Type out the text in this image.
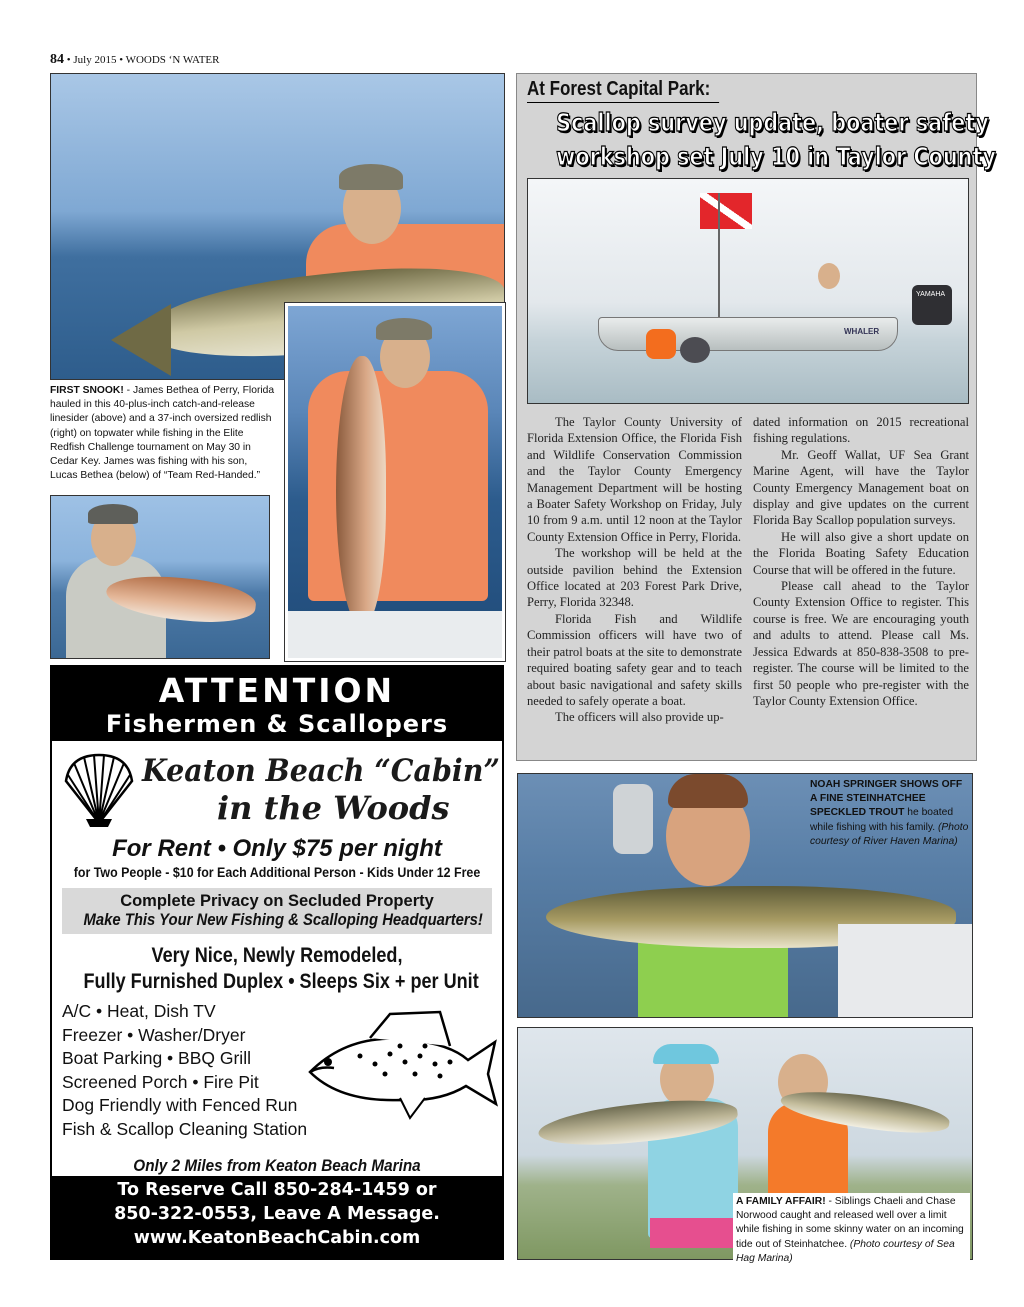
84 • July 2015 • WOODS ‘N WATER
FIRST SNOOK! - James Bethea of Perry, Florida hauled in this 40-plus-inch catch-and-release linesider (above) and a 37-inch oversized redlish (right) on topwater while fishing in the Elite Redfish Challenge tournament on May 30 in Cedar Key. James was fishing with his son, Lucas Bethea (below) of “Team Red-Handed.”
ATTENTION
Fishermen & Scallopers
Keaton Beach “Cabin”
in the Woods
For Rent • Only $75 per night
for Two People - $10 for Each Additional Person - Kids Under 12 Free
Complete Privacy on Secluded Property
Make This Your New Fishing & Scalloping Headquarters!
Very Nice, Newly Remodeled,
Fully Furnished Duplex • Sleeps Six + per Unit
A/C • Heat, Dish TV
Freezer • Washer/Dryer
Boat Parking • BBQ Grill
Screened Porch • Fire Pit
Dog Friendly with Fenced Run
Fish & Scallop Cleaning Station
Only 2 Miles from Keaton Beach Marina
To Reserve Call 850-284-1459 or
850-322-0553, Leave A Message.
www.KeatonBeachCabin.com
At Forest Capital Park:
Scallop survey update, boater safety
workshop set July 10 in Taylor County
WHALER
YAMAHA

The Taylor County University of Florida Extension Office, the Florida Fish and Wildlife Conservation Commission and the Taylor County Emergency Management Department will be hosting a Boater Safety Workshop on Friday, July 10 from 9 a.m. until 12 noon at the Taylor County Extension Office in Perry, Florida.

The workshop will be held at the outside pavilion behind the Extension Office located at 203 Forest Park Drive, Perry, Florida 32348.

Florida Fish and Wildlife Commission officers will have two of their patrol boats at the site to demonstrate required boating safety gear and to teach about basic navigational and safety skills needed to safely operate a boat.

The officers will also provide up-

dated information on 2015 recreational fishing regulations.

Mr. Geoff Wallat, UF Sea Grant Marine Agent, will have the Taylor County Emergency Management boat on display and give updates on the current Florida Bay Scallop population surveys.

He will also give a short update on the Florida Boating Safety Education Course that will be offered in the future.

Please call ahead to the Taylor County Extension Office to register. This course is free. We are encouraging youth and adults to attend. Please call Ms. Jessica Edwards at 850-838-3508 to pre-register. The course will be limited to the first 50 people who pre-register with the Taylor County Extension Office.

NOAH SPRINGER SHOWS OFF A FINE STEINHATCHEE SPECKLED TROUT he boated while fishing with his family. (Photo courtesy of River Haven Marina)
A FAMILY AFFAIR! - Siblings Chaeli and Chase Norwood caught and released well over a limit while fishing in some skinny water on an incoming tide out of Steinhatchee. (Photo courtesy of Sea Hag Marina)
